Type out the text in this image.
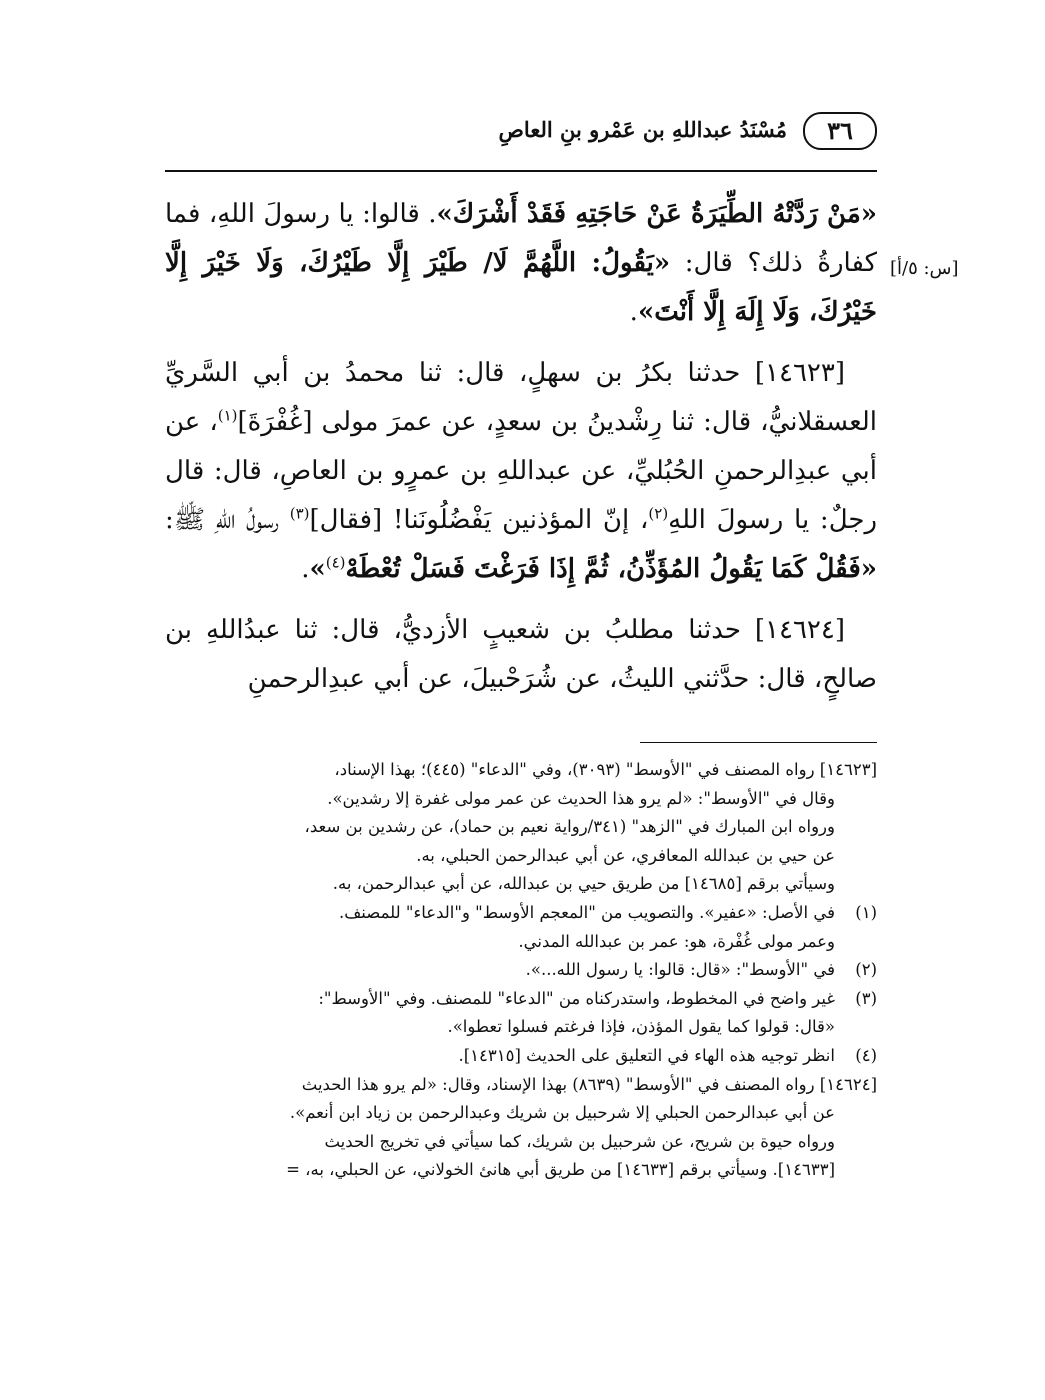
٣٦
مُسْنَدُ عبداللهِ بن عَمْرو بنِ العاصِ
[س: ٥/أ]

«مَنْ رَدَّتْهُ الطِّيَرَةُ عَنْ حَاجَتِهِ فَقَدْ أَشْرَكَ». قالوا: يا رسولَ اللهِ، فما كفارةُ ذلك؟ قال: «يَقُولُ: اللَّهُمَّ لَا/ طَيْرَ إِلَّا طَيْرُكَ، وَلَا خَيْرَ إِلَّا خَيْرُكَ، وَلَا إِلَهَ إِلَّا أَنْتَ».

[١٤٦٢٣] حدثنا بكرُ بن سهلٍ، قال: ثنا محمدُ بن أبي السَّريِّ العسقلانيُّ، قال: ثنا رِشْدينُ بن سعدٍ، عن عمرَ مولى [غُفْرَةَ]$^{(١)}$، عن أبي عبدِالرحمنِ الحُبُليِّ، عن عبداللهِ بن عمرٍو بن العاصِ، قال: قال رجلٌ: يا رسولَ اللهِ$^{(٢)}$، إنّ المؤذنين يَفْضُلُونَنا! [فقال]$^{(٣)}$ رسولُ اللهِ ﷺ: «فَقُلْ كَمَا يَقُولُ المُؤَذِّنُ، ثُمَّ إِذَا فَرَغْتَ فَسَلْ تُعْطَهْ$^{(٤)}$».

[١٤٦٢٤] حدثنا مطلبُ بن شعيبٍ الأزديُّ، قال: ثنا عبدُاللهِ بن صالحٍ، قال: حدَّثني الليثُ، عن شُرَحْبيلَ، عن أبي عبدِالرحمنِ

[١٤٦٢٣] رواه المصنف في "الأوسط" (٣٠٩٣)، وفي "الدعاء" (٤٤٥)؛ بهذا الإسناد،
وقال في "الأوسط": «لم يرو هذا الحديث عن عمر مولى غفرة إلا رشدين».
ورواه ابن المبارك في "الزهد" (٣٤١/رواية نعيم بن حماد)، عن رشدين بن سعد،
عن حيي بن عبدالله المعافري، عن أبي عبدالرحمن الحبلي، به.
وسيأتي برقم [١٤٦٨٥] من طريق حيي بن عبدالله، عن أبي عبدالرحمن، به.
(١)
في الأصل: «عفير». والتصويب من "المعجم الأوسط" و"الدعاء" للمصنف.
وعمر مولى غُفْرة، هو: عمر بن عبدالله المدني.
(٢)
في "الأوسط": «قال: قالوا: يا رسول الله...».
(٣)
غير واضح في المخطوط، واستدركناه من "الدعاء" للمصنف. وفي "الأوسط":
«قال: قولوا كما يقول المؤذن، فإذا فرغتم فسلوا تعطوا».
(٤)
انظر توجيه هذه الهاء في التعليق على الحديث [١٤٣١٥].
[١٤٦٢٤] رواه المصنف في "الأوسط" (٨٦٣٩) بهذا الإسناد، وقال: «لم يرو هذا الحديث
عن أبي عبدالرحمن الحبلي إلا شرحبيل بن شريك وعبدالرحمن بن زياد ابن أنعم».
ورواه حيوة بن شريح، عن شرحبيل بن شريك، كما سيأتي في تخريج الحديث
[١٤٦٣٣]. وسيأتي برقم [١٤٦٣٣] من طريق أبي هانئ الخولاني، عن الحبلي، به، =
